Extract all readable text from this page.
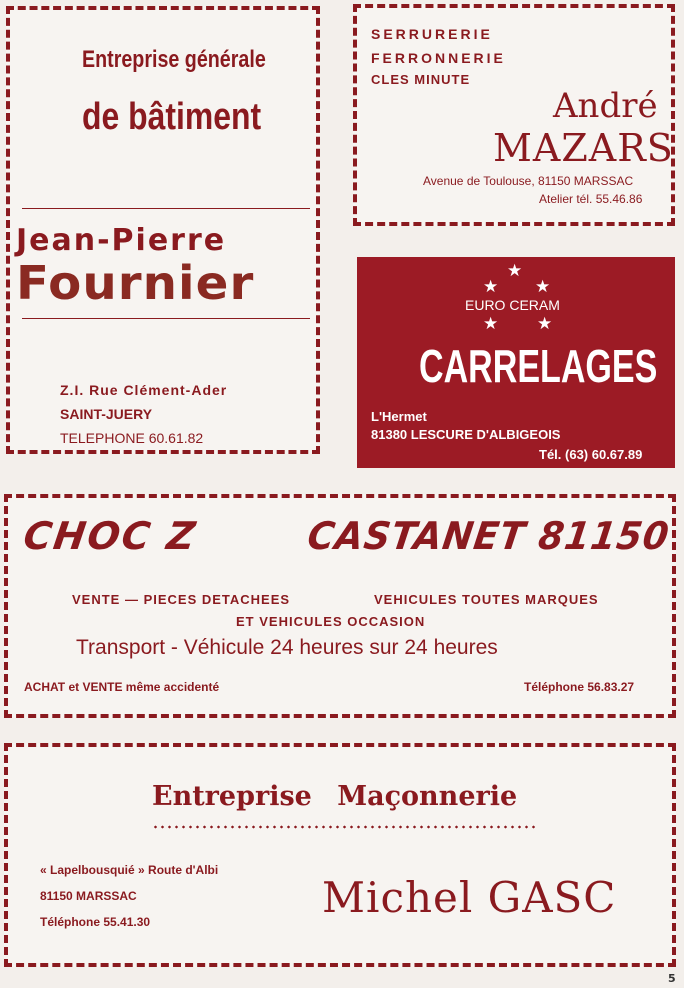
Entreprise générale
de bâtiment
Jean-Pierre
Fournier
Z.I. Rue Clément-Ader
SAINT-JUERY
TELEPHONE 60.61.82
SERRURERIE
FERRONNERIE
CLES MINUTE
André
MAZARS
Avenue de Toulouse, 81150 MARSSAC
Atelier tél. 55.46.86
★
★ ★
EURO CERAM
★ ★
CARRELAGES
L'Hermet
81380 LESCURE D'ALBIGEOIS
Tél. (63) 60.67.89
CHOC Z	CASTANET 81150
VENTE — PIECES DETACHEES	VEHICULES TOUTES MARQUES
ET VEHICULES OCCASION
Transport - Véhicule 24 heures sur 24 heures
ACHAT et VENTE même accidenté	Téléphone 56.83.27
Entreprise Maçonnerie
« Lapelbousquié » Route d'Albi
81150 MARSSAC
Téléphone 55.41.30	Michel GASC
5
